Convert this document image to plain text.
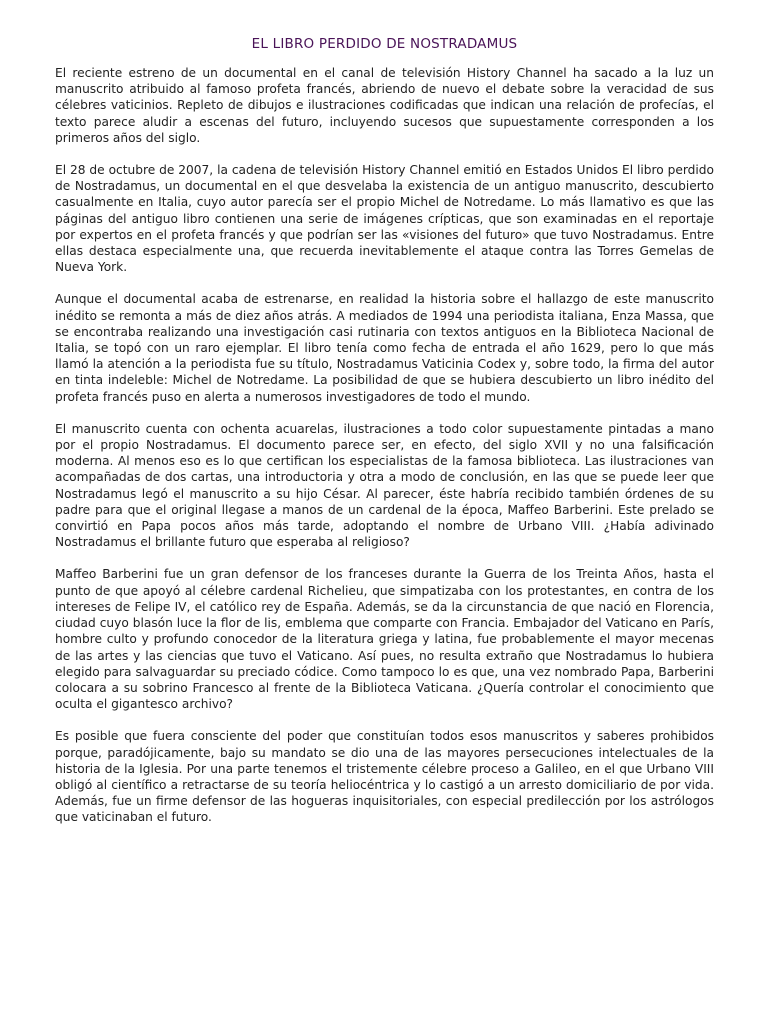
EL LIBRO PERDIDO DE NOSTRADAMUS

El reciente estreno de un documental en el canal de televisión History Channel ha sacado a la luz un manuscrito atribuido al famoso profeta francés, abriendo de nuevo el debate sobre la veracidad de sus célebres vaticinios. Repleto de dibujos e ilustraciones codificadas que indican una relación de profecías, el texto parece aludir a escenas del futuro, incluyendo sucesos que supuestamente corresponden a los primeros años del siglo.

El 28 de octubre de 2007, la cadena de televisión History Channel emitió en Estados Unidos El libro perdido de Nostradamus, un documental en el que desvelaba la existencia de un antiguo manuscrito, descubierto casualmente en Italia, cuyo autor parecía ser el propio Michel de Notredame. Lo más llamativo es que las páginas del antiguo libro contienen una serie de imágenes crípticas, que son examinadas en el reportaje por expertos en el profeta francés y que podrían ser las «visiones del futuro» que tuvo Nostradamus. Entre ellas destaca especialmente una, que recuerda inevitablemente el ataque contra las Torres Gemelas de Nueva York.

Aunque el documental acaba de estrenarse, en realidad la historia sobre el hallazgo de este manuscrito inédito se remonta a más de diez años atrás. A mediados de 1994 una periodista italiana, Enza Massa, que se encontraba realizando una investigación casi rutinaria con textos antiguos en la Biblioteca Nacional de Italia, se topó con un raro ejemplar. El libro tenía como fecha de entrada el año 1629, pero lo que más llamó la atención a la periodista fue su título, Nostradamus Vaticinia Codex y, sobre todo, la firma del autor en tinta indeleble: Michel de Notredame. La posibilidad de que se hubiera descubierto un libro inédito del profeta francés puso en alerta a numerosos investigadores de todo el mundo.

El manuscrito cuenta con ochenta acuarelas, ilustraciones a todo color supuestamente pintadas a mano por el propio Nostradamus. El documento parece ser, en efecto, del siglo XVII y no una falsificación moderna. Al menos eso es lo que certifican los especialistas de la famosa biblioteca. Las ilustraciones van acompañadas de dos cartas, una introductoria y otra a modo de conclusión, en las que se puede leer que Nostradamus legó el manuscrito a su hijo César. Al parecer, éste habría recibido también órdenes de su padre para que el original llegase a manos de un cardenal de la época, Maffeo Barberini. Este prelado se convirtió en Papa pocos años más tarde, adoptando el nombre de Urbano VIII. ¿Había adivinado Nostradamus el brillante futuro que esperaba al religioso?

Maffeo Barberini fue un gran defensor de los franceses durante la Guerra de los Treinta Años, hasta el punto de que apoyó al célebre cardenal Richelieu, que simpatizaba con los protestantes, en contra de los intereses de Felipe IV, el católico rey de España. Además, se da la circunstancia de que nació en Florencia, ciudad cuyo blasón luce la flor de lis, emblema que comparte con Francia. Embajador del Vaticano en París, hombre culto y profundo conocedor de la literatura griega y latina, fue probablemente el mayor mecenas de las artes y las ciencias que tuvo el Vaticano. Así pues, no resulta extraño que Nostradamus lo hubiera elegido para salvaguardar su preciado códice. Como tampoco lo es que, una vez nombrado Papa, Barberini colocara a su sobrino Francesco al frente de la Biblioteca Vaticana. ¿Quería controlar el conocimiento que oculta el gigantesco archivo?

Es posible que fuera consciente del poder que constituían todos esos manuscritos y saberes prohibidos porque, paradójicamente, bajo su mandato se dio una de las mayores persecuciones intelectuales de la historia de la Iglesia. Por una parte tenemos el tristemente célebre proceso a Galileo, en el que Urbano VIII obligó al científico a retractarse de su teoría heliocéntrica y lo castigó a un arresto domiciliario de por vida. Además, fue un firme defensor de las hogueras inquisitoriales, con especial predilección por los astrólogos que vaticinaban el futuro.
